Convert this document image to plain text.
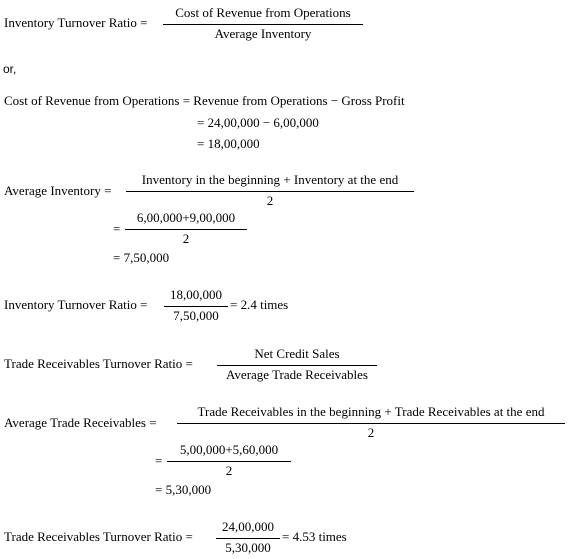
Inventory Turnover Ratio =
Cost of Revenue from Operations
Average Inventory
or,
Cost of Revenue from Operations = Revenue from Operations − Gross Profit
= 24,00,000 − 6,00,000
= 18,00,000
Average Inventory =
Inventory in the beginning + Inventory at the end
2
=
6,00,000+9,00,000
2
= 7,50,000
Inventory Turnover Ratio =
18,00,000
7,50,000
= 2.4 times
Trade Receivables Turnover Ratio =
Net Credit Sales
Average Trade Receivables
Average Trade Receivables =
Trade Receivables in the beginning + Trade Receivables at the end
2
=
5,00,000+5,60,000
2
= 5,30,000
Trade Receivables Turnover Ratio =
24,00,000
5,30,000
= 4.53 times
